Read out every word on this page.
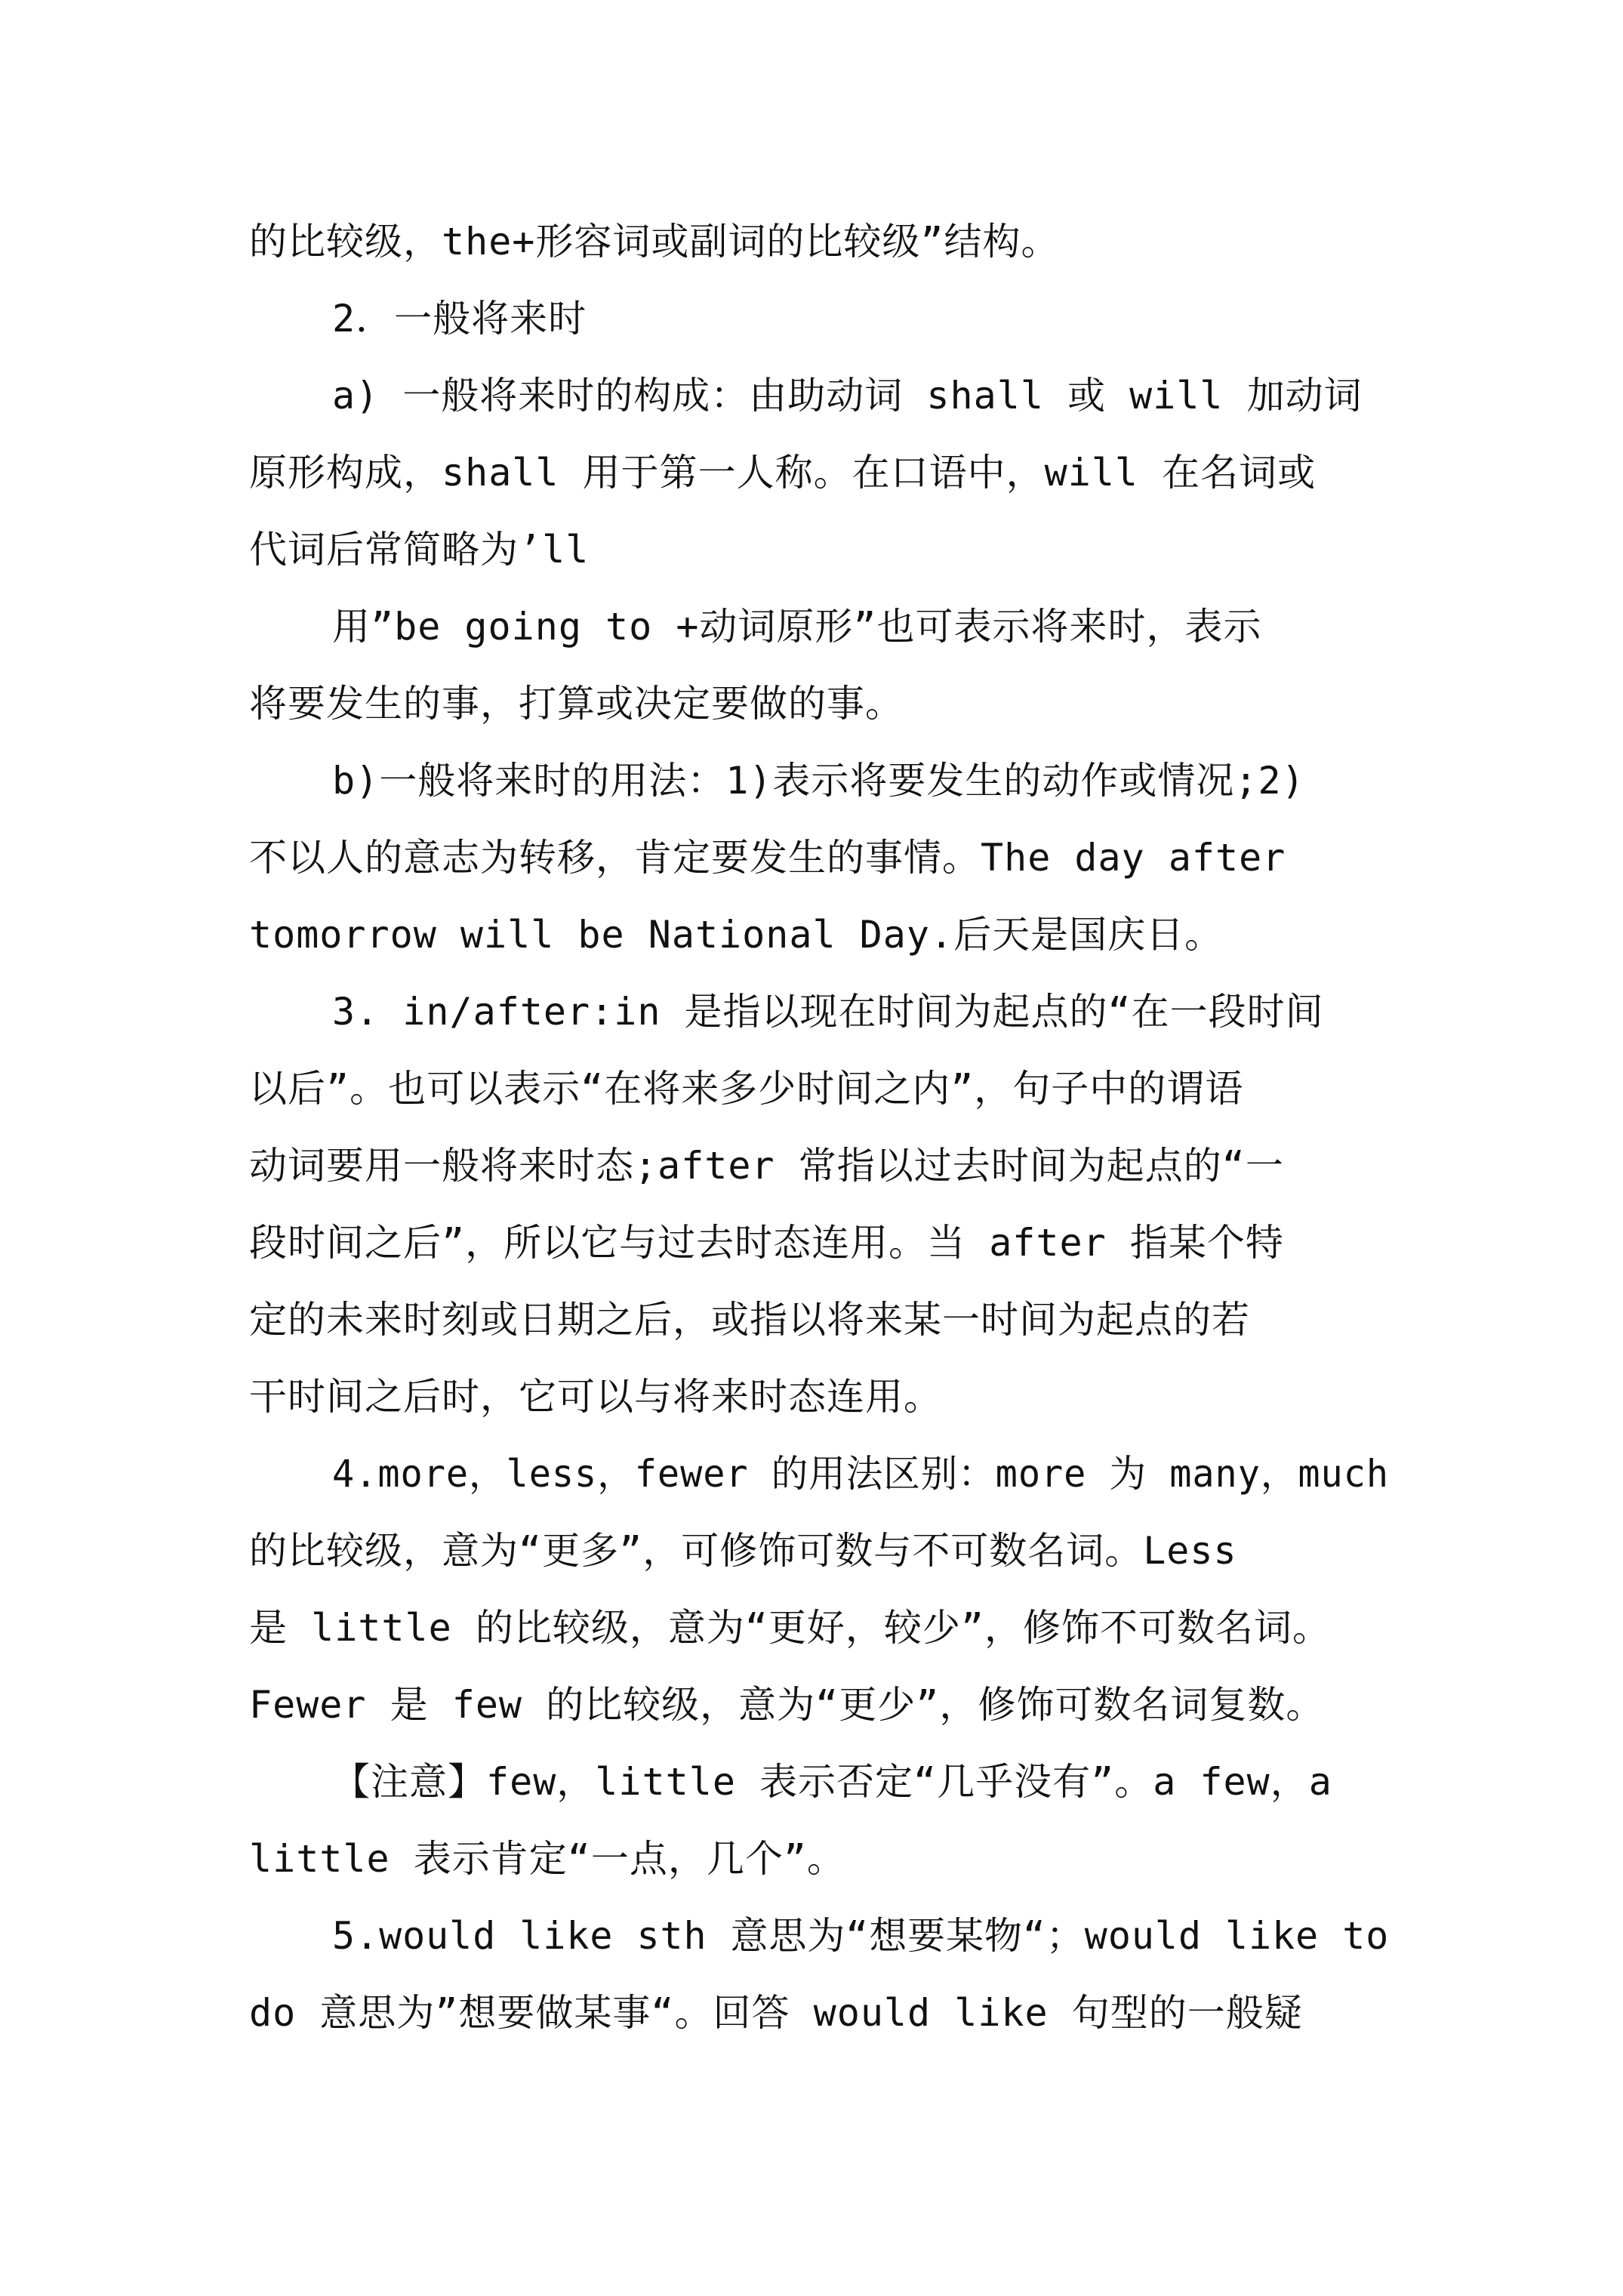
的比较级，the+形容词或副词的比较级”结构。
2．一般将来时
a) 一般将来时的构成：由助动词 shall 或 will 加动词
原形构成，shall 用于第一人称。在口语中，will 在名词或
代词后常简略为’ll
用”be going to +动词原形”也可表示将来时，表示
将要发生的事，打算或决定要做的事。
b)一般将来时的用法：1)表示将要发生的动作或情况;2)
不以人的意志为转移，肯定要发生的事情。The day after
tomorrow will be National Day.后天是国庆日。
3. in/after:in 是指以现在时间为起点的“在一段时间
以后”。也可以表示“在将来多少时间之内”，句子中的谓语
动词要用一般将来时态;after 常指以过去时间为起点的“一
段时间之后”，所以它与过去时态连用。当 after 指某个特
定的未来时刻或日期之后，或指以将来某一时间为起点的若
干时间之后时，它可以与将来时态连用。
4.more，less，fewer 的用法区别：more 为 many，much
的比较级，意为“更多”，可修饰可数与不可数名词。Less
是 little 的比较级，意为“更好，较少”，修饰不可数名词。
Fewer 是 few 的比较级，意为“更少”，修饰可数名词复数。
【注意】few，little 表示否定“几乎没有”。a few，a
little 表示肯定“一点，几个”。
5.would like sth 意思为“想要某物“；would like to
do 意思为”想要做某事“。回答 would like 句型的一般疑
